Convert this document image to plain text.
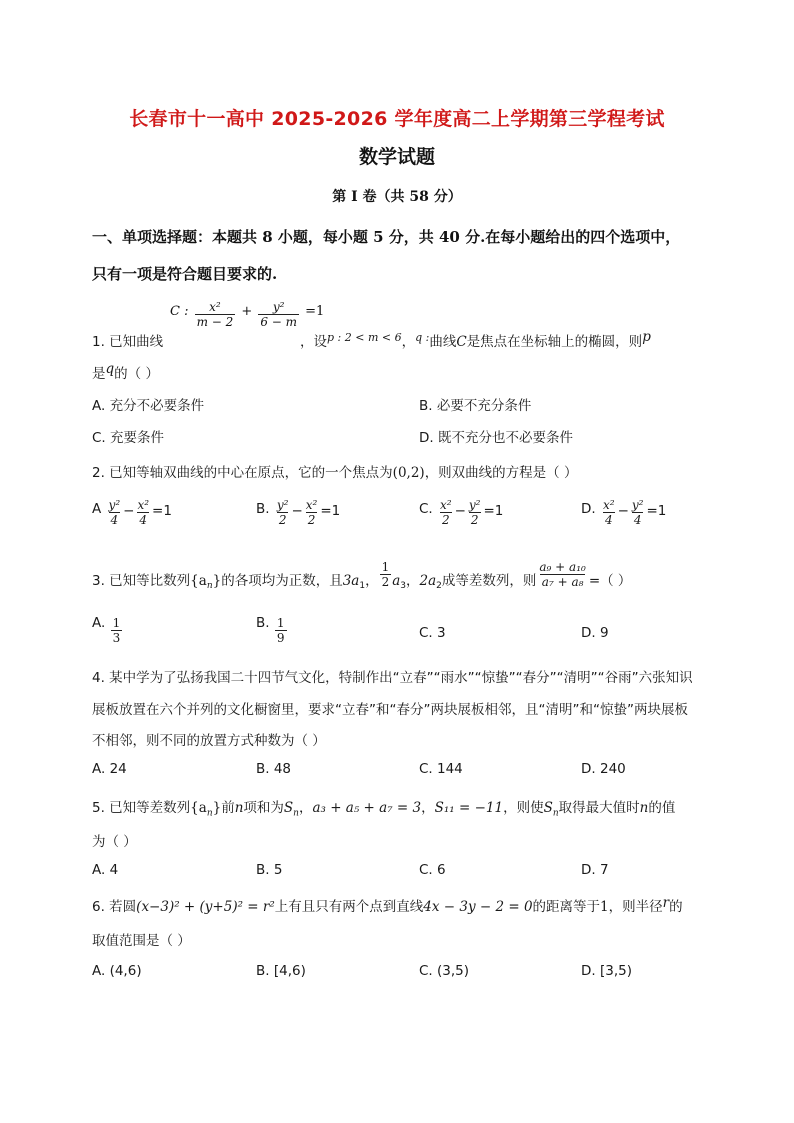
长春市十一高中 2025-2026 学年度高二上学期第三学程考试
数学试题
第 I 卷（共 58 分）
一、单项选择题：本题共 8 小题，每小题 5 分，共 40 分.在每小题给出的四个选项中，
只有一项是符合题目要求的.
1. 已知曲线
$^{C :} \frac{\text{x²}}{m - 2} ^+ \frac{\text{y²}}{6 - m} ^{=1}$
，设$^{p : 2 < m < 6}$，$^{q :}$曲线C是焦点在坐标轴上的椭圆，则p
是q的（ ）
A. 充分不必要条件	B. 必要不充分条件
C. 充要条件	D. 既不充分也不必要条件
2. 已知等轴双曲线的中心在原点，它的一个焦点为(0,2)，则双曲线的方程是（ ）
A $\frac{\text{y²}}{4} - \frac{\text{x²}}{4} =1$	B. $\frac{\text{y²}}{2} - \frac{\text{x²}}{2} =1$	C. $\frac{\text{x²}}{2} - \frac{\text{y²}}{2} =1$	D. $\frac{\text{x²}}{4} - \frac{\text{y²}}{4} =1$
3. 已知等比数列$\{a_n\}$的各项均为正数，且$3a_1$， $\frac{1}{2} a_3$，$2a_2$成等差数列，则 $\frac{\text{a₉ + a₁₀}}{\text{a₇ + a₈}}$ =（ ）
A. $\frac{1}{3}$	B. $\frac{1}{9}$	C. 3	D. 9
4. 某中学为了弘扬我国二十四节气文化，特制作出“立春”“雨水”“惊蛰”“春分”“清明”“谷雨”六张知识
展板放置在六个并列的文化橱窗里，要求“立春”和“春分”两块展板相邻，且“清明”和“惊蛰”两块展板
不相邻，则不同的放置方式种数为（ ）
A. 24	B. 48	C. 144	D. 240
5. 已知等差数列$\{a_n\}$前n项和为$S_n$，a₃ + a₅ + a₇ = 3，S₁₁ = −11，则使$S_n$取得最大值时n的值
为（ ）
A. 4	B. 5	C. 6	D. 7
6. 若圆(x−3)² + (y+5)² = r²上有且只有两个点到直线4x − 3y − 2 = 0的距离等于1，则半径r的
取值范围是（ ）
A. (4,6)	B. [4,6)	C. (3,5)	D. [3,5)
